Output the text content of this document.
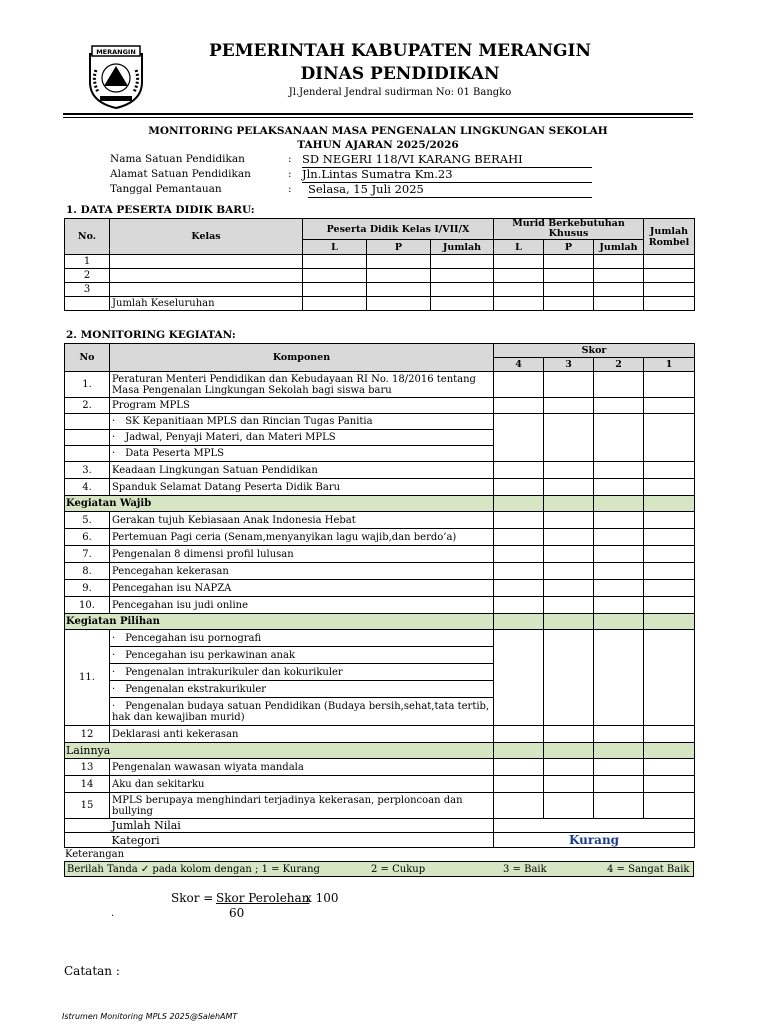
MERANGIN	PEMERINTAH KABUPATEN MERANGIN
DINAS PENDIDIKAN
Jl.Jenderal Jendral sudirman No: 01 Bangko
MONITORING PELAKSANAAN MASA PENGENALAN LINGKUNGAN SEKOLAH
TAHUN AJARAN 2025/2026
Nama Satuan Pendidikan	: SD NEGERI 118/VI KARANG BERAHI
Alamat Satuan Pendidikan	: Jln.Lintas Sumatra Km.23
Tanggal Pemantauan	: Selasa, 15 Juli 2025
1. DATA PESERTA DIDIK BARU:
No.	Kelas	Peserta Didik Kelas I/VII/X			Murid Berkebutuhan Khusus			Jumlah Rombel
		L	P	Jumlah	L	P	Jumlah	
1								
2								
3								
	Jumlah Keseluruhan							
2. MONITORING KEGIATAN:
No	Komponen	Skor			
		4	3	2	1
1.	Peraturan Menteri Pendidikan dan Kebudayaan RI No. 18/2016 tentang Masa Pengenalan Lingkungan Sekolah bagi siswa baru				
2.	Program MPLS				
	· SK Kepanitiaan MPLS dan Rincian Tugas Panitia				
	· Jadwal, Penyaji Materi, dan Materi MPLS
	· Data Peserta MPLS
3.	Keadaan Lingkungan Satuan Pendidikan				
4.	Spanduk Selamat Datang Peserta Didik Baru				
Kegiatan Wajib					
5.	Gerakan tujuh Kebiasaan Anak Indonesia Hebat				
6.	Pertemuan Pagi ceria (Senam,menyanyikan lagu wajib,dan berdo’a)				
7.	Pengenalan 8 dimensi profil lulusan				
8.	Pencegahan kekerasan				
9.	Pencegahan isu NAPZA				
10.	Pencegahan isu judi online				
Kegiatan Pilihan					
11.	· Pencegahan isu pornografi				
	· Pencegahan isu perkawinan anak
	· Pengenalan intrakurikuler dan kokurikuler
	· Pengenalan ekstrakurikuler
	· Pengenalan budaya satuan Pendidikan (Budaya bersih,sehat,tata tertib, hak dan kewajiban murid)
12	Deklarasi anti kekerasan				
Lainnya					
13	Pengenalan wawasan wiyata mandala				
14	Aku dan sekitarku				
15	MPLS berupaya menghindari terjadinya kekerasan, perploncoan dan bullying				
	Jumlah Nilai				
	Kategori	Kurang			
Keterangan
Berilah Tanda ✓ pada kolom dengan ; 1 = Kurang	2 = Cukup	3 = Baik	4 = Sangat Baik
Skor = Skor Perolehan
x 100
.	60
Catatan :
Istrumen Monitoring MPLS 2025@SalehAMT
